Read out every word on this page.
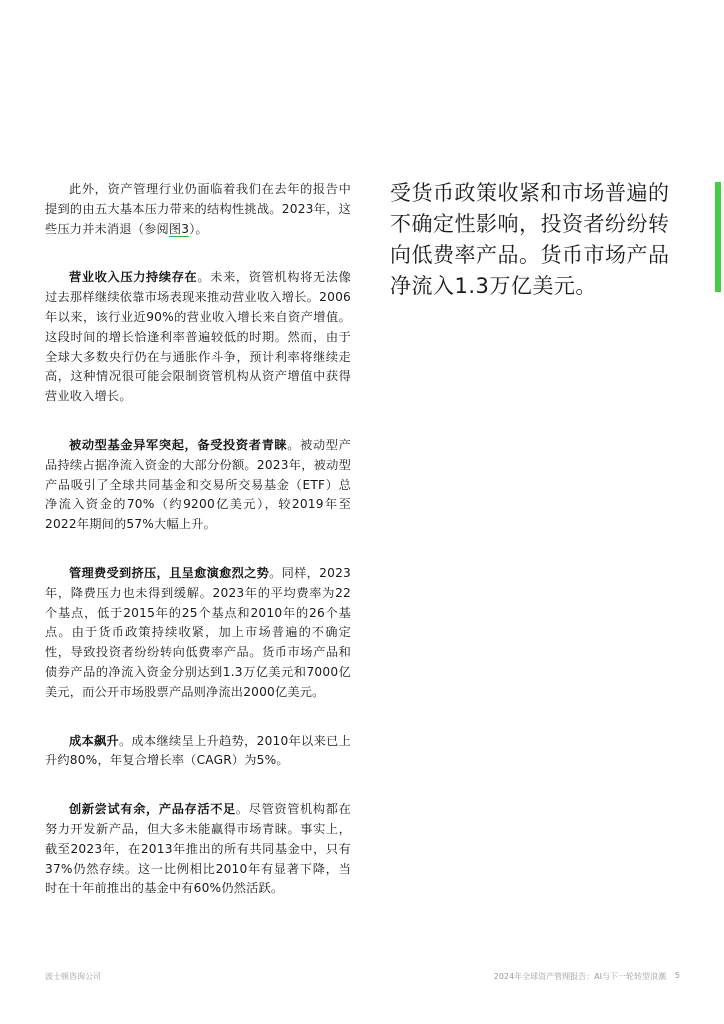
此外，资产管理行业仍面临着我们在去年的报告中提到的由五大基本压力带来的结构性挑战。2023年，这些压力并未消退（参阅图3）。

营业收入压力持续存在。未来，资管机构将无法像过去那样继续依靠市场表现来推动营业收入增长。2006年以来，该行业近90%的营业收入增长来自资产增值。这段时间的增长恰逢利率普遍较低的时期。然而，由于全球大多数央行仍在与通胀作斗争，预计利率将继续走高，这种情况很可能会限制资管机构从资产增值中获得营业收入增长。

被动型基金异军突起，备受投资者青睐。被动型产品持续占据净流入资金的大部分份额。2023年，被动型产品吸引了全球共同基金和交易所交易基金（ETF）总净流入资金的70%（约9200亿美元），较2019年至2022年期间的57%大幅上升。

管理费受到挤压，且呈愈演愈烈之势。同样，2023年，降费压力也未得到缓解。2023年的平均费率为22个基点，低于2015年的25个基点和2010年的26个基点。由于货币政策持续收紧，加上市场普遍的不确定性，导致投资者纷纷转向低费率产品。货币市场产品和债券产品的净流入资金分别达到1.3万亿美元和7000亿美元，而公开市场股票产品则净流出2000亿美元。

成本飙升。成本继续呈上升趋势，2010年以来已上升约80%，年复合增长率（CAGR）为5%。

创新尝试有余，产品存活不足。尽管资管机构都在努力开发新产品，但大多未能赢得市场青睐。事实上，截至2023年，在2013年推出的所有共同基金中，只有37%仍然存续。这一比例相比2010年有显著下降，当时在十年前推出的基金中有60%仍然活跃。

受货币政策收紧和市场普遍的不确定性影响，投资者纷纷转向低费率产品。货币市场产品净流入1.3万亿美元。
波士顿咨询公司	2024年全球资产管理报告：AI与下一轮转型浪潮 5
